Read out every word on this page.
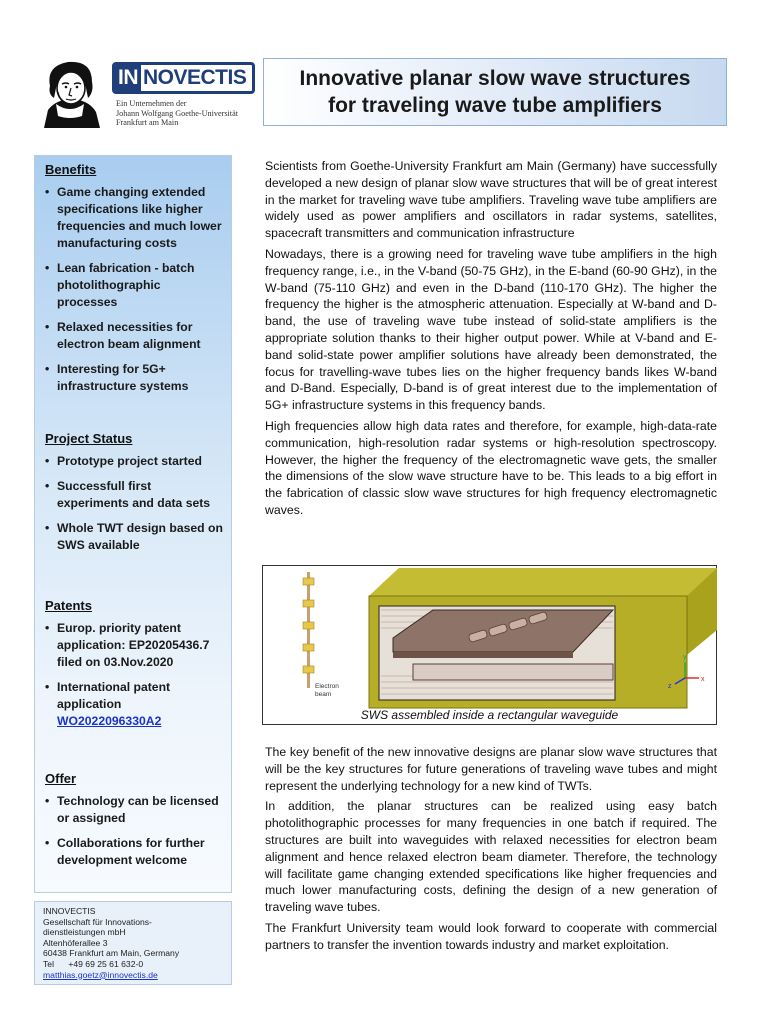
IN NOVECTIS
Ein Unternehmen der
Johann Wolfgang Goethe-Universität
Frankfurt am Main
Innovative planar slow wave structures
for traveling wave tube amplifiers
Benefits
• Game changing extended specifications like higher frequencies and much lower manufacturing costs
• Lean fabrication - batch photolithographic processes
• Relaxed necessities for electron beam alignment
• Interesting for 5G+ infrastructure systems
Project Status
• Prototype project started
• Successfull first experiments and data sets
• Whole TWT design based on SWS available
Patents
• Europ. priority patent application: EP20205436.7 filed on 03.Nov.2020
• International patent application
WO2022096330A2
Offer
• Technology can be licensed or assigned
• Collaborations for further development welcome
INNOVECTIS
Gesellschaft für Innovations-
dienstleistungen mbH
Altenhöferallee 3
60438 Frankfurt am Main, Germany
Tel +49 69 25 61 632-0
matthias.goetz@innovectis.de

Scientists from Goethe-University Frankfurt am Main (Germany) have successfully developed a new design of planar slow wave structures that will be of great interest in the market for traveling wave tube amplifiers. Traveling wave tube amplifiers are widely used as power amplifiers and oscillators in radar systems, satellites, spacecraft transmitters and communication infrastructure

Nowadays, there is a growing need for traveling wave tube amplifiers in the high frequency range, i.e., in the V-band (50-75 GHz), in the E-band (60-90 GHz), in the W-band (75-110 GHz) and even in the D-band (110-170 GHz). The higher the frequency the higher is the atmospheric attenuation. Especially at W-band and D-band, the use of traveling wave tube instead of solid-state amplifiers is the appropriate solution thanks to their higher output power. While at V-band and E-band solid-state power amplifier solutions have already been demonstrated, the focus for travelling-wave tubes lies on the higher frequency bands likes W-band and D-Band. Especially, D-band is of great interest due to the implementation of 5G+ infrastructure systems in this frequency bands.

High frequencies allow high data rates and therefore, for example, high-data-rate communication, high-resolution radar systems or high-resolution spectroscopy. However, the higher the frequency of the electromagnetic wave gets, the smaller the dimensions of the slow wave structure have to be. This leads to a big effort in the fabrication of classic slow wave structures for high frequency electromagnetic waves.

Electron
beam
y
x
z
SWS assembled inside a rectangular waveguide

The key benefit of the new innovative designs are planar slow wave structures that will be the key structures for future generations of traveling wave tubes and might represent the underlying technology for a new kind of TWTs.

In addition, the planar structures can be realized using easy batch photolithographic processes for many frequencies in one batch if required. The structures are built into waveguides with relaxed necessities for electron beam alignment and hence relaxed electron beam diameter. Therefore, the technology will facilitate game changing extended specifications like higher frequencies and much lower manufacturing costs, defining the design of a new generation of traveling wave tubes.

The Frankfurt University team would look forward to cooperate with commercial partners to transfer the invention towards industry and market exploitation.
